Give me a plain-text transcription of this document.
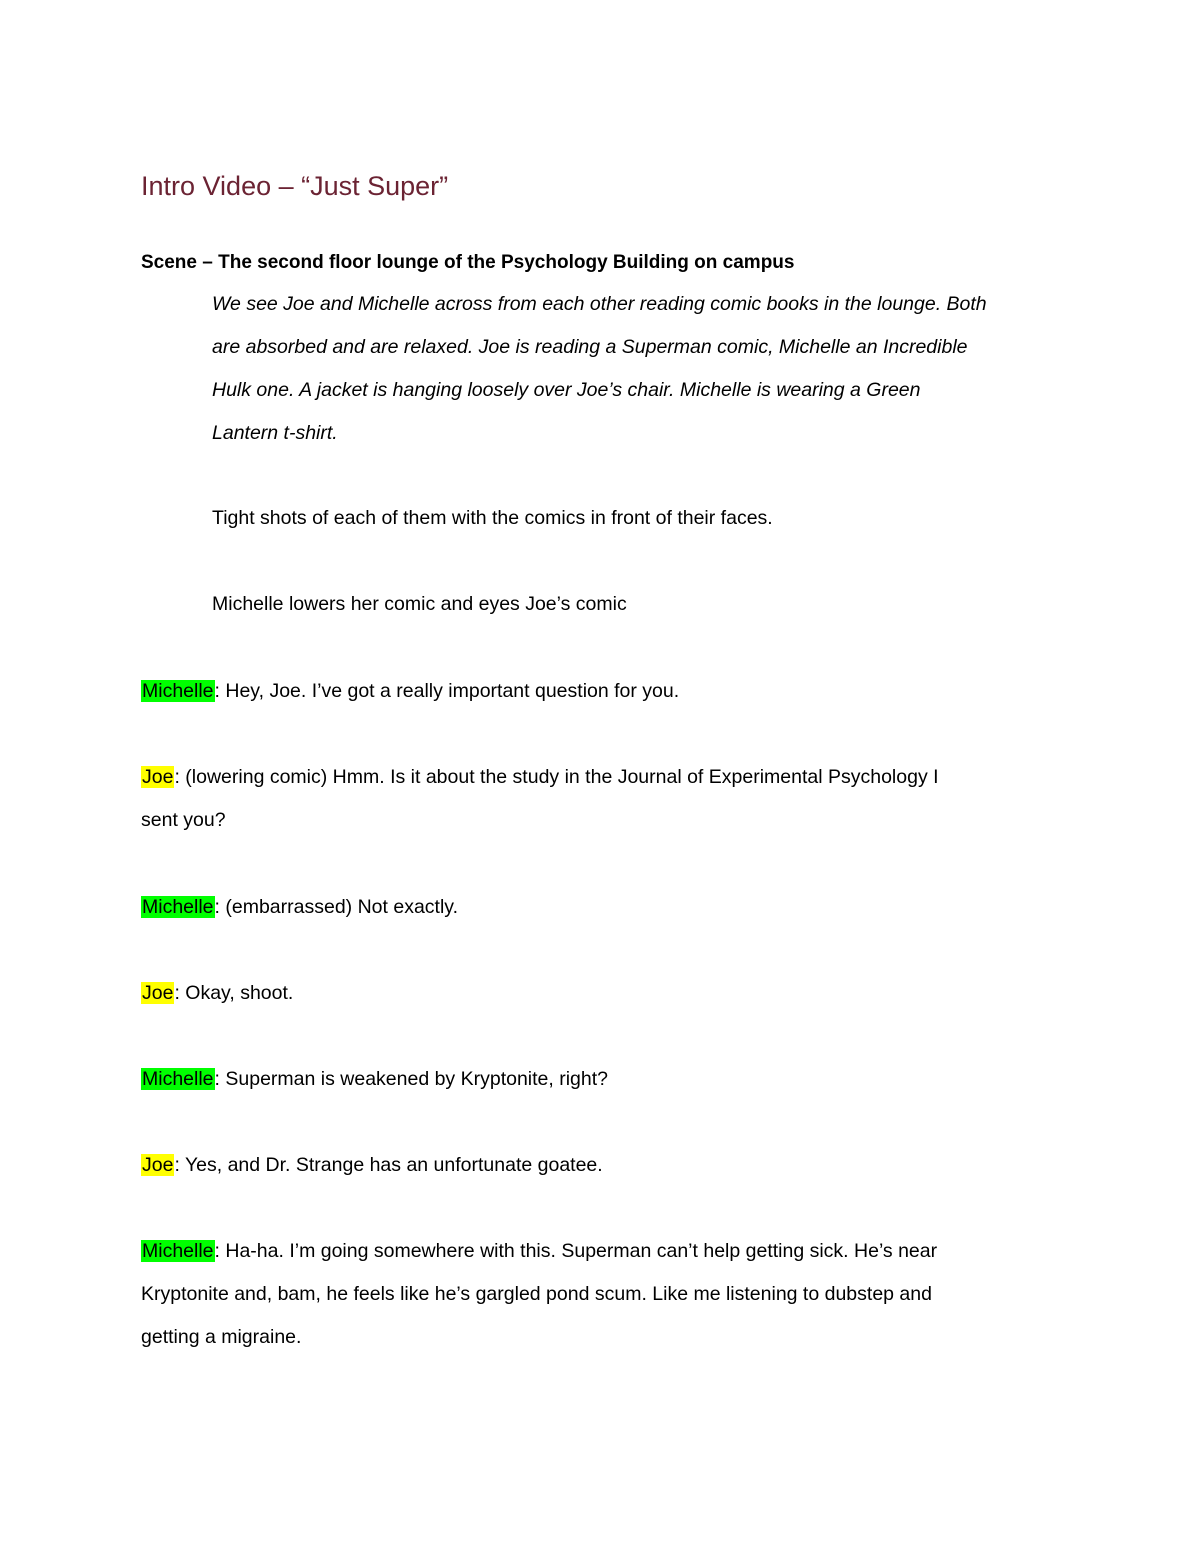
Intro Video – “Just Super”
Scene – The second floor lounge of the Psychology Building on campus
We see Joe and Michelle across from each other reading comic books in the lounge. Both
are absorbed and are relaxed. Joe is reading a Superman comic, Michelle an Incredible
Hulk one. A jacket is hanging loosely over Joe’s chair. Michelle is wearing a Green
Lantern t-shirt.
Tight shots of each of them with the comics in front of their faces.
Michelle lowers her comic and eyes Joe’s comic
Michelle: Hey, Joe. I’ve got a really important question for you.
Joe: (lowering comic) Hmm. Is it about the study in the Journal of Experimental Psychology I
sent you?
Michelle: (embarrassed) Not exactly.
Joe: Okay, shoot.
Michelle: Superman is weakened by Kryptonite, right?
Joe: Yes, and Dr. Strange has an unfortunate goatee.
Michelle: Ha-ha. I’m going somewhere with this. Superman can’t help getting sick. He’s near
Kryptonite and, bam, he feels like he’s gargled pond scum. Like me listening to dubstep and
getting a migraine.
